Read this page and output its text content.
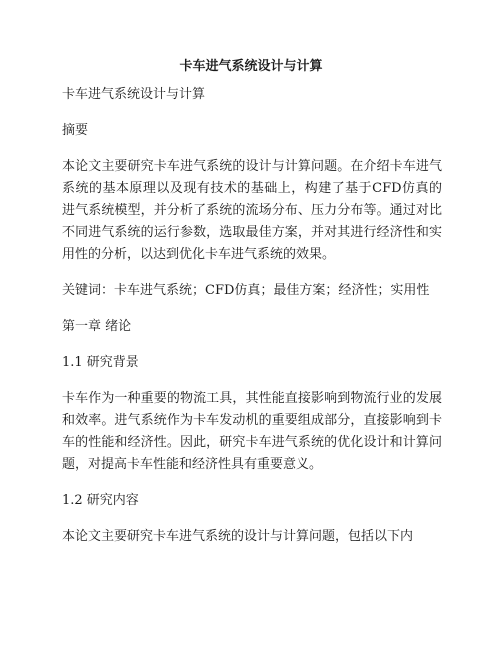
卡车进气系统设计与计算

卡车进气系统设计与计算

摘要

本论文主要研究卡车进气系统的设计与计算问题。在介绍卡车进气系统的基本原理以及现有技术的基础上，构建了基于CFD仿真的进气系统模型，并分析了系统的流场分布、压力分布等。通过对比不同进气系统的运行参数，选取最佳方案，并对其进行经济性和实用性的分析，以达到优化卡车进气系统的效果。

关键词：卡车进气系统；CFD仿真；最佳方案；经济性；实用性

第一章 绪论

1.1 研究背景

卡车作为一种重要的物流工具，其性能直接影响到物流行业的发展和效率。进气系统作为卡车发动机的重要组成部分，直接影响到卡车的性能和经济性。因此，研究卡车进气系统的优化设计和计算问题，对提高卡车性能和经济性具有重要意义。

1.2 研究内容

本论文主要研究卡车进气系统的设计与计算问题，包括以下内
